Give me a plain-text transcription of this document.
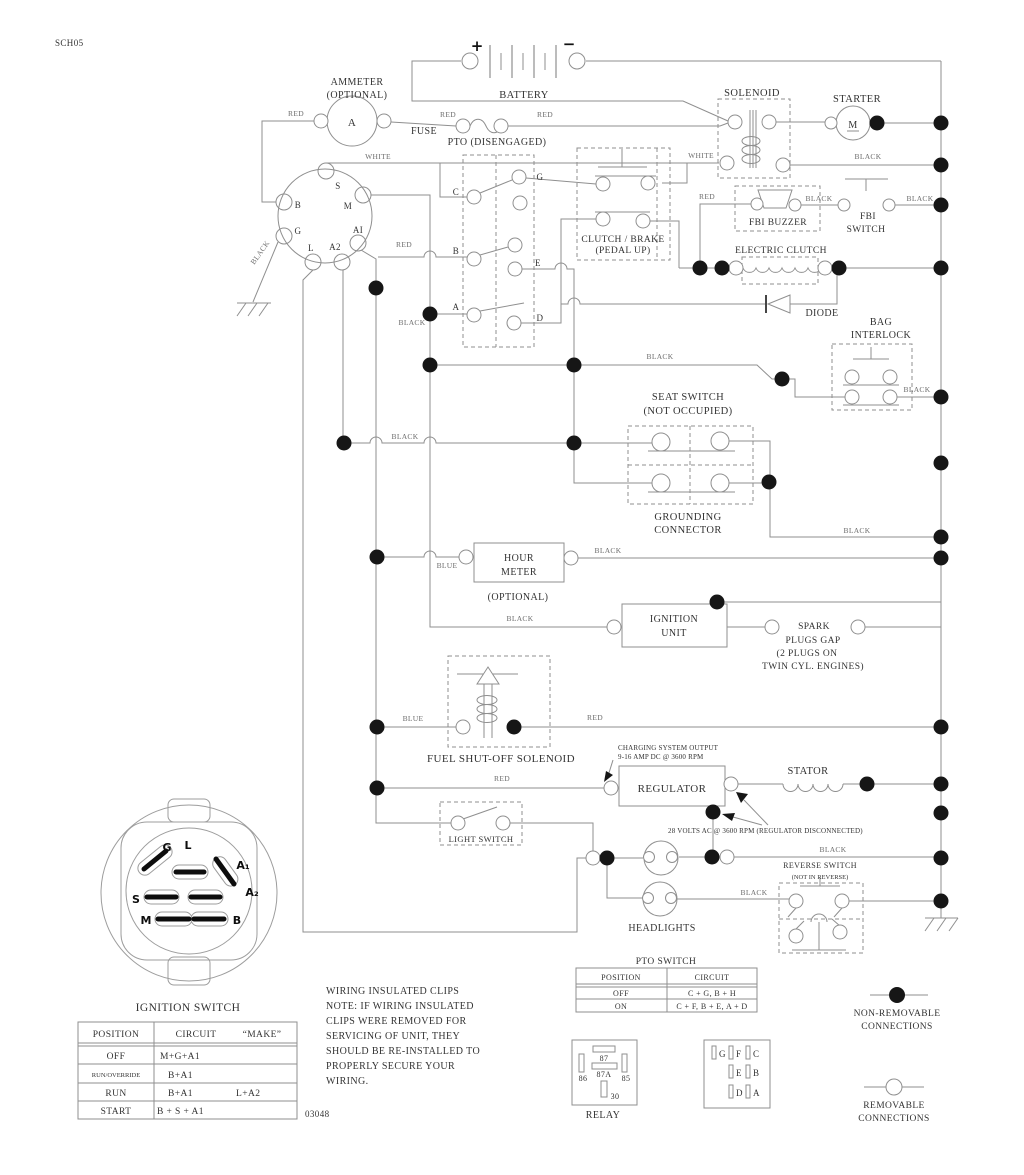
SCH05
AMMETER
(OPTIONAL)
A
+	−
BATTERY
FUSE
SOLENOID
STARTER
M
RED	RED	RED
RED
RED
RED
RED
WHITE	WHITE	BLACK
BLACK	BLACK
BLACK
BLACK
BLACK
BLACK
BLACK
BLACK
BLACK
BLACK
BLACK
BLACK
BLUE
BLUE
S
M
B
G
L A2
AI
PTO (DISENGAGED)
C
G
B
E
A
D
CLUTCH / BRAKE
(PEDAL UP)
FBI BUZZER
FBI
SWITCH
ELECTRIC CLUTCH
DIODE
BAG
INTERLOCK
SEAT SWITCH
(NOT OCCUPIED)
GROUNDING
CONNECTOR
HOUR
METER
(OPTIONAL)
IGNITION
UNIT
SPARK
PLUGS GAP
(2 PLUGS ON
TWIN CYL. ENGINES)
FUEL SHUT-OFF SOLENOID
CHARGING SYSTEM OUTPUT
9-16 AMP DC @ 3600 RPM
REGULATOR
STATOR
28 VOLTS AC @ 3600 RPM (REGULATOR DISCONNECTED)
LIGHT SWITCH
HEADLIGHTS
REVERSE SWITCH
(NOT IN REVERSE)
G L
A₁
A₂
S
M	B
IGNITION SWITCH
POSITION	CIRCUIT	“MAKE”
OFF	M+G+A1
RUN/OVERRIDE	B+A1
RUN	B+A1	L+A2
START	B + S + A1	03048
WIRING INSULATED CLIPS
NOTE: IF WIRING INSULATED
CLIPS WERE REMOVED FOR
SERVICING OF UNIT, THEY
SHOULD BE RE-INSTALLED TO
PROPERLY SECURE YOUR
WIRING.
PTO SWITCH
POSITION	CIRCUIT
OFF	C + G, B + H
ON	C + F, B + E, A + D
87
87A
86	85
30
RELAY
G F C
E B
D A
NON-REMOVABLE
CONNECTIONS
REMOVABLE
CONNECTIONS
